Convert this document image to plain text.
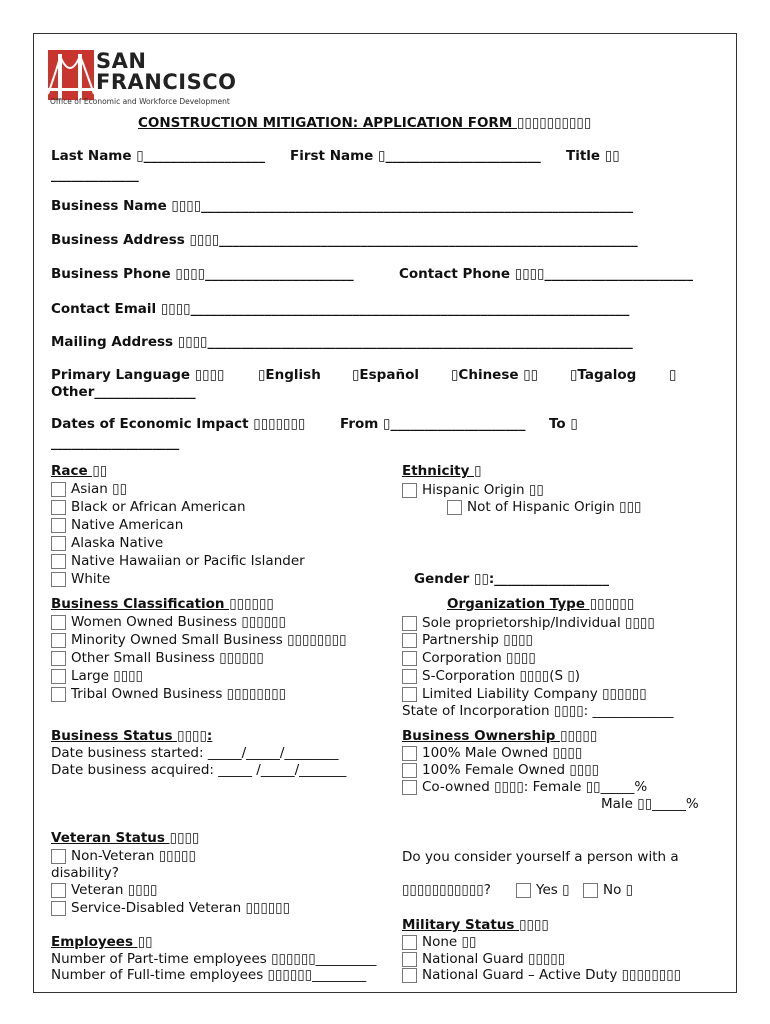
SAN
FRANCISCO
Office of Economic and Workforce Development
CONSTRUCTION MITIGATION: APPLICATION FORM ▯▯▯▯▯▯▯▯▯▯
Last Name ▯__________________ First Name ▯_______________________ Title ▯▯
_____________
Business Name ▯▯▯▯________________________________________________________________
Business Address ▯▯▯▯______________________________________________________________
Business Phone ▯▯▯▯______________________	Contact Phone ▯▯▯▯______________________
Contact Email ▯▯▯▯_________________________________________________________________
Mailing Address ▯▯▯▯_______________________________________________________________
Primary Language ▯▯▯▯ ▯English ▯Español ▯Chinese ▯▯ ▯Tagalog ▯
Other_______________
Dates of Economic Impact ▯▯▯▯▯▯▯	From ▯____________________ To ▯
___________________
Race ▯▯
Asian ▯▯
Black or African American
Native American
Alaska Native
Native Hawaiian or Pacific Islander
White
Ethnicity ▯
Hispanic Origin ▯▯
Not of Hispanic Origin ▯▯▯
Gender ▯▯:_________________
Business Classification ▯▯▯▯▯▯
Women Owned Business ▯▯▯▯▯▯
Minority Owned Small Business ▯▯▯▯▯▯▯▯
Other Small Business ▯▯▯▯▯▯
Large ▯▯▯▯
Tribal Owned Business ▯▯▯▯▯▯▯▯
Organization Type ▯▯▯▯▯▯
Sole proprietorship/Individual ▯▯▯▯
Partnership ▯▯▯▯
Corporation ▯▯▯▯
S-Corporation ▯▯▯▯(S ▯)
Limited Liability Company ▯▯▯▯▯▯
State of Incorporation ▯▯▯▯: ____________
Business Status ▯▯▯▯:
Date business started: _____/_____/________
Date business acquired: _____ /_____/_______
Business Ownership ▯▯▯▯▯
100% Male Owned ▯▯▯▯
100% Female Owned ▯▯▯▯
Co-owned ▯▯▯▯: Female ▯▯_____%
Male ▯▯_____%
Veteran Status ▯▯▯▯
Non-Veteran ▯▯▯▯▯
disability?
Veteran ▯▯▯▯
Service-Disabled Veteran ▯▯▯▯▯▯
Do you consider yourself a person with a
▯▯▯▯▯▯▯▯▯▯▯?	Yes ▯	No ▯
Employees ▯▯
Number of Part-time employees ▯▯▯▯▯▯_________
Number of Full-time employees ▯▯▯▯▯▯________
Military Status ▯▯▯▯
None ▯▯
National Guard ▯▯▯▯▯
National Guard – Active Duty ▯▯▯▯▯▯▯▯
